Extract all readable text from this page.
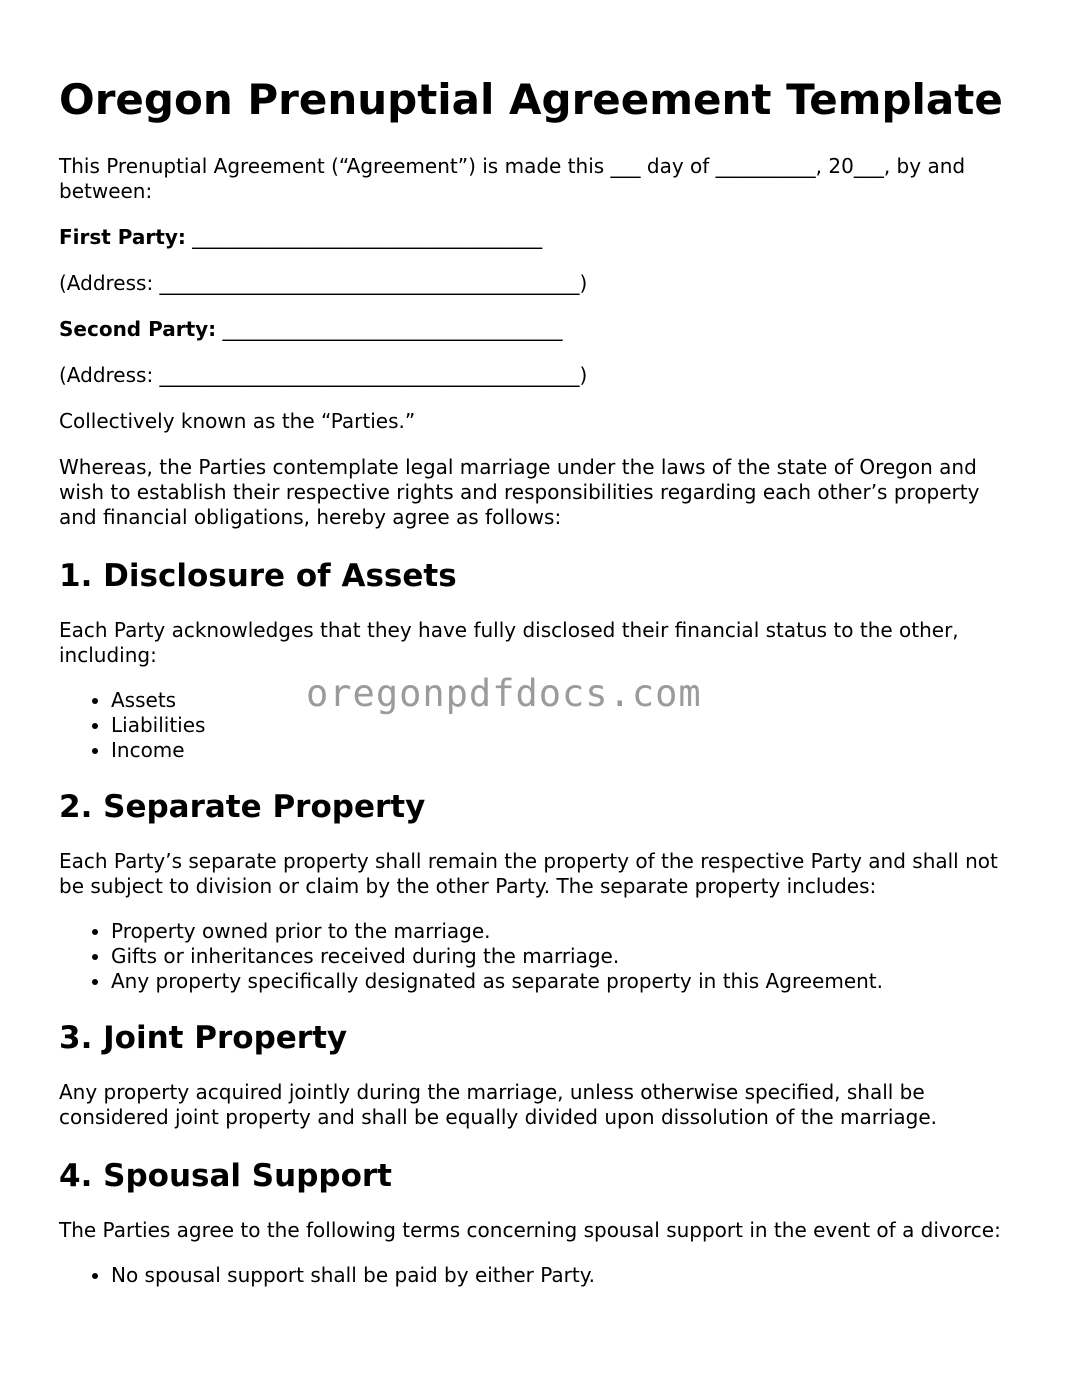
Oregon Prenuptial Agreement Template

This Prenuptial Agreement (“Agreement”) is made this ___ day of __________, 20___, by and between:

First Party: ___________________________________

(Address: __________________________________________)

Second Party: __________________________________

(Address: __________________________________________)

Collectively known as the “Parties.”

Whereas, the Parties contemplate legal marriage under the laws of the state of Oregon and wish to establish their respective rights and responsibilities regarding each other’s property and financial obligations, hereby agree as follows:

1. Disclosure of Assets

Each Party acknowledges that they have fully disclosed their financial status to the other, including:

• Assets
• Liabilities
• Income
2. Separate Property

Each Party’s separate property shall remain the property of the respective Party and shall not be subject to division or claim by the other Party. The separate property includes:

• Property owned prior to the marriage.
• Gifts or inheritances received during the marriage.
• Any property specifically designated as separate property in this Agreement.
3. Joint Property

Any property acquired jointly during the marriage, unless otherwise specified, shall be considered joint property and shall be equally divided upon dissolution of the marriage.

4. Spousal Support

The Parties agree to the following terms concerning spousal support in the event of a divorce:

• No spousal support shall be paid by either Party.
oregonpdfdocs.com
